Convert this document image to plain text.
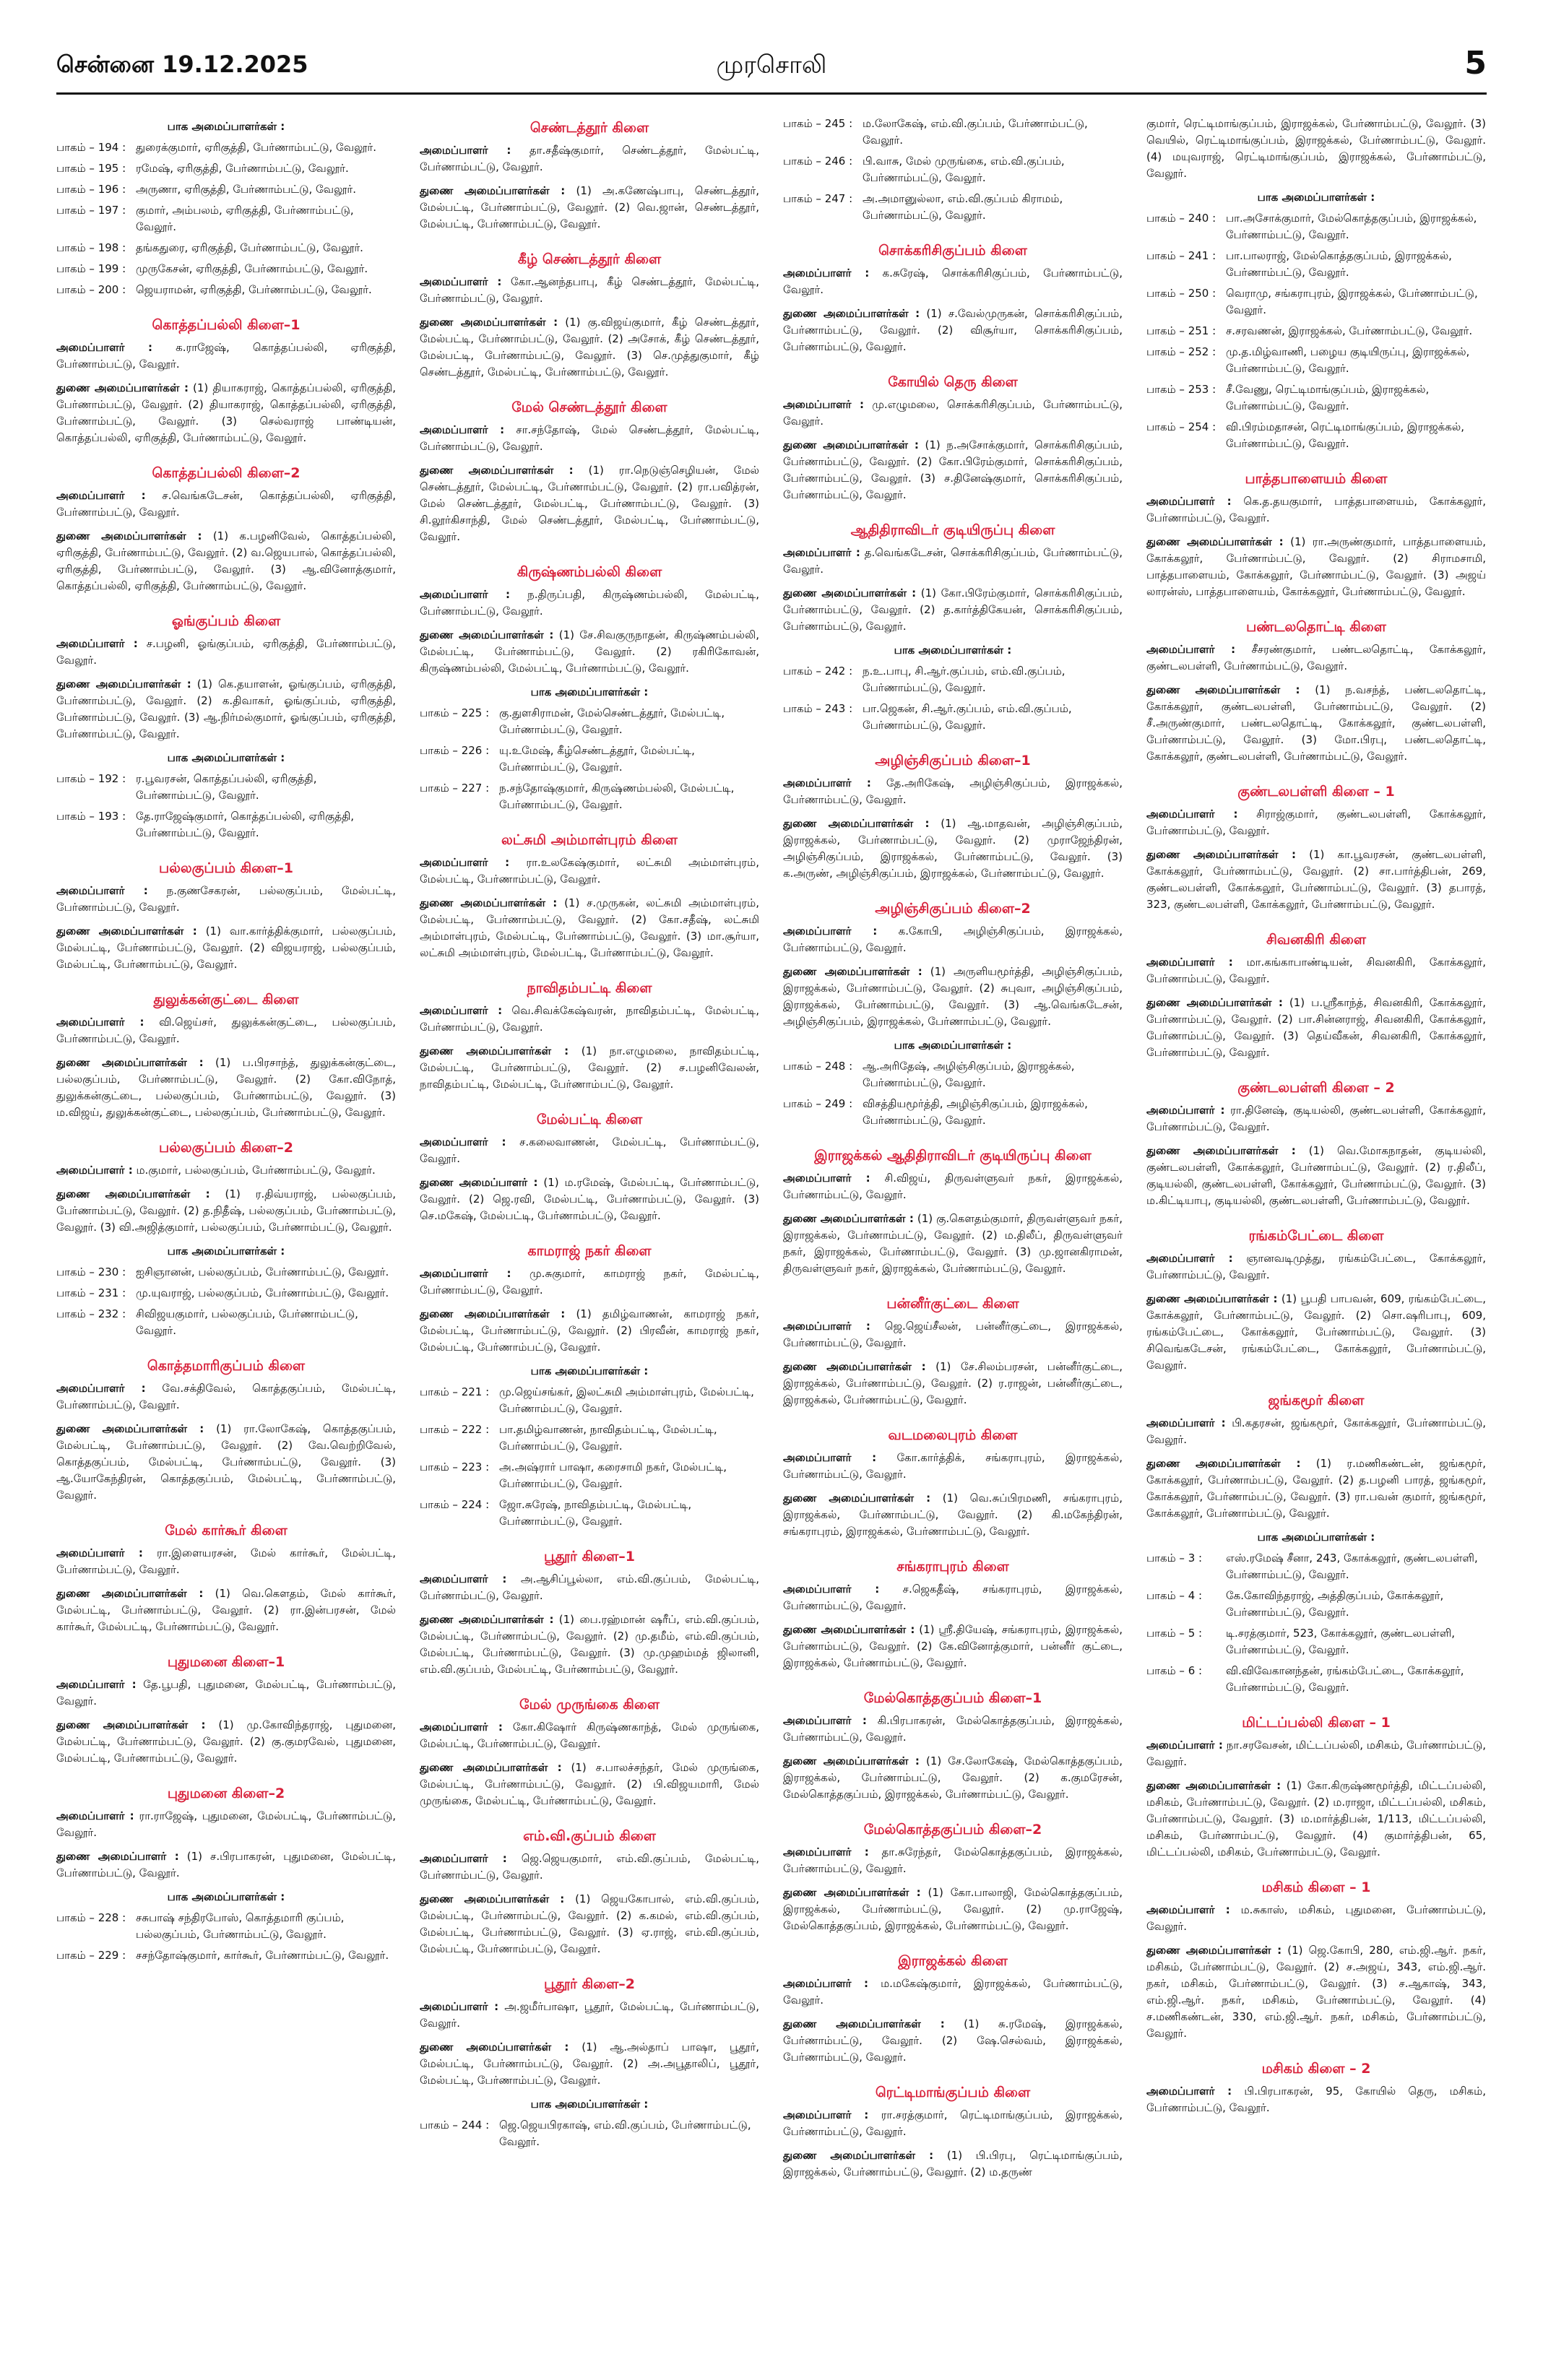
சென்னை 19.12.2025	முரசொலி	5
பாக அமைப்பாளர்கள் :
பாகம் – 194 : துரைக்குமார், ஏரிகுத்தி, பேர்ணாம்பட்டு, வேலூர்.
பாகம் – 195 : ரமேஷ், ஏரிகுத்தி, பேர்ணாம்பட்டு, வேலூர்.
பாகம் – 196 : அருணா, ஏரிகுத்தி, பேர்ணாம்பட்டு, வேலூர்.
பாகம் – 197 : குமார், அம்பலம், ஏரிகுத்தி, பேர்ணாம்பட்டு, வேலூர்.
பாகம் – 198 : தங்கதுரை, ஏரிகுத்தி, பேர்ணாம்பட்டு, வேலூர்.
பாகம் – 199 : முருகேசன், ஏரிகுத்தி, பேர்ணாம்பட்டு, வேலூர்.
பாகம் – 200 : ஜெயராமன், ஏரிகுத்தி, பேர்ணாம்பட்டு, வேலூர்.
கொத்தப்பல்லி கிளை–1
அமைப்பாளர் : க.ராஜேஷ், கொத்தப்பல்லி, ஏரிகுத்தி, பேர்ணாம்பட்டு, வேலூர்.
துணை அமைப்பாளர்கள் : (1) தியாகராஜ், கொத்தப்பல்லி, ஏரிகுத்தி, பேர்ணாம்பட்டு, வேலூர். (2) தியாகராஜ், கொத்தப்பல்லி, ஏரிகுத்தி, பேர்ணாம்பட்டு, வேலூர். (3) செல்வராஜ் பாண்டியன், கொத்தப்பல்லி, ஏரிகுத்தி, பேர்ணாம்பட்டு, வேலூர்.
கொத்தப்பல்லி கிளை–2
அமைப்பாளர் : ச.வெங்கடேசன், கொத்தப்பல்லி, ஏரிகுத்தி, பேர்ணாம்பட்டு, வேலூர்.
துணை அமைப்பாளர்கள் : (1) க.பழனிவேல், கொத்தப்பல்லி, ஏரிகுத்தி, பேர்ணாம்பட்டு, வேலூர். (2) வ.ஜெயபால், கொத்தப்பல்லி, ஏரிகுத்தி, பேர்ணாம்பட்டு, வேலூர். (3) ஆ.வினோத்குமார், கொத்தப்பல்லி, ஏரிகுத்தி, பேர்ணாம்பட்டு, வேலூர்.
ஓங்குப்பம் கிளை
அமைப்பாளர் : ச.பழனி, ஓங்குப்பம், ஏரிகுத்தி, பேர்ணாம்பட்டு, வேலூர்.
துணை அமைப்பாளர்கள் : (1) கெ.தயாளன், ஓங்குப்பம், ஏரிகுத்தி, பேர்ணாம்பட்டு, வேலூர். (2) க.திவாகர், ஓங்குப்பம், ஏரிகுத்தி, பேர்ணாம்பட்டு, வேலூர். (3) ஆ.நிர்மல்குமார், ஓங்குப்பம், ஏரிகுத்தி, பேர்ணாம்பட்டு, வேலூர்.
பாக அமைப்பாளர்கள் :
பாகம் – 192 : ர.பூவரசன், கொத்தப்பல்லி, ஏரிகுத்தி, பேர்ணாம்பட்டு, வேலூர்.
பாகம் – 193 : தே.ராஜேஷ்குமார், கொத்தப்பல்லி, ஏரிகுத்தி, பேர்ணாம்பட்டு, வேலூர்.
பல்லகுப்பம் கிளை–1
அமைப்பாளர் : ந.குணசேகரன், பல்லகுப்பம், மேல்பட்டி, பேர்ணாம்பட்டு, வேலூர்.
துணை அமைப்பாளர்கள் : (1) வா.கார்த்திக்குமார், பல்லகுப்பம், மேல்பட்டி, பேர்ணாம்பட்டு, வேலூர். (2) விஜயராஜ், பல்லகுப்பம், மேல்பட்டி, பேர்ணாம்பட்டு, வேலூர்.
துலுக்கன்குட்டை கிளை
அமைப்பாளர் : வி.ஜெய்சர், துலுக்கன்குட்டை, பல்லகுப்பம், பேர்ணாம்பட்டு, வேலூர்.
துணை அமைப்பாளர்கள் : (1) ப.பிரசாந்த், துலுக்கன்குட்டை, பல்லகுப்பம், பேர்ணாம்பட்டு, வேலூர். (2) கோ.விநோத், துலுக்கன்குட்டை, பல்லகுப்பம், பேர்ணாம்பட்டு, வேலூர். (3) ம.விஜய், துலுக்கன்குட்டை, பல்லகுப்பம், பேர்ணாம்பட்டு, வேலூர்.
பல்லகுப்பம் கிளை–2
அமைப்பாளர் : ம.குமார், பல்லகுப்பம், பேர்ணாம்பட்டு, வேலூர்.
துணை அமைப்பாளர்கள் : (1) ர.திவ்யராஜ், பல்லகுப்பம், பேர்ணாம்பட்டு, வேலூர். (2) த.நிதீஷ், பல்லகுப்பம், பேர்ணாம்பட்டு, வேலூர். (3) வி.அஜித்குமார், பல்லகுப்பம், பேர்ணாம்பட்டு, வேலூர்.
பாக அமைப்பாளர்கள் :
பாகம் – 230 : ஐசிஞானன், பல்லகுப்பம், பேர்ணாம்பட்டு, வேலூர்.
பாகம் – 231 : மு.யுவராஜ், பல்லகுப்பம், பேர்ணாம்பட்டு, வேலூர்.
பாகம் – 232 : சிவிஜயகுமார், பல்லகுப்பம், பேர்ணாம்பட்டு, வேலூர்.
கொத்தமாரிகுப்பம் கிளை
அமைப்பாளர் : வே.சக்திவேல், கொத்தகுப்பம், மேல்பட்டி, பேர்ணாம்பட்டு, வேலூர்.
துணை அமைப்பாளர்கள் : (1) ரா.லோகேஷ், கொத்தகுப்பம், மேல்பட்டி, பேர்ணாம்பட்டு, வேலூர். (2) வே.வெற்றிவேல், கொத்தகுப்பம், மேல்பட்டி, பேர்ணாம்பட்டு, வேலூர். (3) ஆ.யோகேந்திரன், கொத்தகுப்பம், மேல்பட்டி, பேர்ணாம்பட்டு, வேலூர்.
மேல் கார்கூர் கிளை
அமைப்பாளர் : ரா.இளையரசன், மேல் கார்கூர், மேல்பட்டி, பேர்ணாம்பட்டு, வேலூர்.
துணை அமைப்பாளர்கள் : (1) வெ.கௌதம், மேல் கார்கூர், மேல்பட்டி, பேர்ணாம்பட்டு, வேலூர். (2) ரா.இன்பரசன், மேல் கார்கூர், மேல்பட்டி, பேர்ணாம்பட்டு, வேலூர்.
புதுமனை கிளை–1
அமைப்பாளர் : தே.பூபதி, புதுமனை, மேல்பட்டி, பேர்ணாம்பட்டு, வேலூர்.
துணை அமைப்பாளர்கள் : (1) மு.கோவிந்தராஜ், புதுமனை, மேல்பட்டி, பேர்ணாம்பட்டு, வேலூர். (2) கு.குமரவேல், புதுமனை, மேல்பட்டி, பேர்ணாம்பட்டு, வேலூர்.
புதுமனை கிளை–2
அமைப்பாளர் : ரா.ராஜேஷ், புதுமனை, மேல்பட்டி, பேர்ணாம்பட்டு, வேலூர்.
துணை அமைப்பாளர் : (1) ச.பிரபாகரன், புதுமனை, மேல்பட்டி, பேர்ணாம்பட்டு, வேலூர்.
பாக அமைப்பாளர்கள் :
பாகம் – 228 : சசுபாஷ் சந்திரபோஸ், கொத்தமாரி குப்பம், பல்லகுப்பம், பேர்ணாம்பட்டு, வேலூர்.
பாகம் – 229 : சசந்தோஷ்குமார், கார்கூர், பேர்ணாம்பட்டு, வேலூர்.
செண்டத்தூர் கிளை
அமைப்பாளர் : தா.சதீஷ்குமார், செண்டத்தூர், மேல்பட்டி, பேர்ணாம்பட்டு, வேலூர்.
துணை அமைப்பாளர்கள் : (1) அ.கணேஷ்பாபு, செண்டத்தூர், மேல்பட்டி, பேர்ணாம்பட்டு, வேலூர். (2) வெ.ஜான், செண்டத்தூர், மேல்பட்டி, பேர்ணாம்பட்டு, வேலூர்.
கீழ் செண்டத்தூர் கிளை
அமைப்பாளர் : கோ.ஆனந்தபாபு, கீழ் செண்டத்தூர், மேல்பட்டி, பேர்ணாம்பட்டு, வேலூர்.
துணை அமைப்பாளர்கள் : (1) கு.விஜய்குமார், கீழ் செண்டத்தூர், மேல்பட்டி, பேர்ணாம்பட்டு, வேலூர். (2) அசோக், கீழ் செண்டத்தூர், மேல்பட்டி, பேர்ணாம்பட்டு, வேலூர். (3) செ.முத்துகுமார், கீழ் செண்டத்தூர், மேல்பட்டி, பேர்ணாம்பட்டு, வேலூர்.
மேல் செண்டத்தூர் கிளை
அமைப்பாளர் : சா.சந்தோஷ், மேல் செண்டத்தூர், மேல்பட்டி, பேர்ணாம்பட்டு, வேலூர்.
துணை அமைப்பாளர்கள் : (1) ரா.நெடுஞ்செழியன், மேல் செண்டத்தூர், மேல்பட்டி, பேர்ணாம்பட்டு, வேலூர். (2) ரா.பவித்ரன், மேல் செண்டத்தூர், மேல்பட்டி, பேர்ணாம்பட்டு, வேலூர். (3) சி.லூர்கிசாந்தி, மேல் செண்டத்தூர், மேல்பட்டி, பேர்ணாம்பட்டு, வேலூர்.
கிருஷ்ணம்பல்லி கிளை
அமைப்பாளர் : ந.திருப்பதி, கிருஷ்ணம்பல்லி, மேல்பட்டி, பேர்ணாம்பட்டு, வேலூர்.
துணை அமைப்பாளர்கள் : (1) சே.சிவகுருநாதன், கிருஷ்ணம்பல்லி, மேல்பட்டி, பேர்ணாம்பட்டு, வேலூர். (2) ரகிரிகோவன், கிருஷ்ணம்பல்லி, மேல்பட்டி, பேர்ணாம்பட்டு, வேலூர்.
பாக அமைப்பாளர்கள் :
பாகம் – 225 : கு.துளசிராமன், மேல்செண்டத்தூர், மேல்பட்டி, பேர்ணாம்பட்டு, வேலூர்.
பாகம் – 226 : யு.உமேஷ், கீழ்செண்டத்தூர், மேல்பட்டி, பேர்ணாம்பட்டு, வேலூர்.
பாகம் – 227 : ந.சந்தோஷ்குமார், கிருஷ்ணம்பல்லி, மேல்பட்டி, பேர்ணாம்பட்டு, வேலூர்.
லட்சுமி அம்மாள்புரம் கிளை
அமைப்பாளர் : ரா.உலகேஷ்குமார், லட்சுமி அம்மாள்புரம், மேல்பட்டி, பேர்ணாம்பட்டு, வேலூர்.
துணை அமைப்பாளர்கள் : (1) ச.முருகன், லட்சுமி அம்மாள்புரம், மேல்பட்டி, பேர்ணாம்பட்டு, வேலூர். (2) கோ.சதீஷ், லட்சுமி அம்மாள்புரம், மேல்பட்டி, பேர்ணாம்பட்டு, வேலூர். (3) மா.சூர்யா, லட்சுமி அம்மாள்புரம், மேல்பட்டி, பேர்ணாம்பட்டு, வேலூர்.
நாவிதம்பட்டி கிளை
அமைப்பாளர் : வெ.சிவக்கேஷ்வரன், நாவிதம்பட்டி, மேல்பட்டி, பேர்ணாம்பட்டு, வேலூர்.
துணை அமைப்பாளர்கள் : (1) நா.எழுமலை, நாவிதம்பட்டி, மேல்பட்டி, பேர்ணாம்பட்டு, வேலூர். (2) ச.பழனிவேலன், நாவிதம்பட்டி, மேல்பட்டி, பேர்ணாம்பட்டு, வேலூர்.
மேல்பட்டி கிளை
அமைப்பாளர் : ச.கலைவாணன், மேல்பட்டி, பேர்ணாம்பட்டு, வேலூர்.
துணை அமைப்பாளர் : (1) ம.ரமேஷ், மேல்பட்டி, பேர்ணாம்பட்டு, வேலூர். (2) ஜெ.ரவி, மேல்பட்டி, பேர்ணாம்பட்டு, வேலூர். (3) செ.மகேஷ், மேல்பட்டி, பேர்ணாம்பட்டு, வேலூர்.
காமராஜ் நகர் கிளை
அமைப்பாளர் : மு.சுகுமார், காமராஜ் நகர், மேல்பட்டி, பேர்ணாம்பட்டு, வேலூர்.
துணை அமைப்பாளர்கள் : (1) தமிழ்வாணன், காமராஜ் நகர், மேல்பட்டி, பேர்ணாம்பட்டு, வேலூர். (2) பிரவீன், காமராஜ் நகர், மேல்பட்டி, பேர்ணாம்பட்டு, வேலூர்.
பாக அமைப்பாளர்கள் :
பாகம் – 221 : மு.ஜெய்சங்கர், இலட்சுமி அம்மாள்புரம், மேல்பட்டி, பேர்ணாம்பட்டு, வேலூர்.
பாகம் – 222 : பா.தமிழ்வாணன், நாவிதம்பட்டி, மேல்பட்டி, பேர்ணாம்பட்டு, வேலூர்.
பாகம் – 223 : அ.அஷ்ரார் பாஷா, கரைசாமி நகர், மேல்பட்டி, பேர்ணாம்பட்டு, வேலூர்.
பாகம் – 224 : ஜோ.சுரேஷ், நாவிதம்பட்டி, மேல்பட்டி, பேர்ணாம்பட்டு, வேலூர்.
பூதூர் கிளை–1
அமைப்பாளர் : அ.ஆசிப்பூல்லா, எம்.வி.குப்பம், மேல்பட்டி, பேர்ணாம்பட்டு, வேலூர்.
துணை அமைப்பாளர்கள் : (1) பை.ரஹ்மான் ஷரீப், எம்.வி.குப்பம், மேல்பட்டி, பேர்ணாம்பட்டு, வேலூர். (2) மு.தமீம், எம்.வி.குப்பம், மேல்பட்டி, பேர்ணாம்பட்டு, வேலூர். (3) மு.முஹம்மத் ஜிலானி, எம்.வி.குப்பம், மேல்பட்டி, பேர்ணாம்பட்டு, வேலூர்.
மேல் முருங்கை கிளை
அமைப்பாளர் : கோ.கிஷோர் கிருஷ்ணகாந்த், மேல் முருங்கை, மேல்பட்டி, பேர்ணாம்பட்டு, வேலூர்.
துணை அமைப்பாளர்கள் : (1) ச.பாலச்சந்தர், மேல் முருங்கை, மேல்பட்டி, பேர்ணாம்பட்டு, வேலூர். (2) பி.விஜயமாரி, மேல் முருங்கை, மேல்பட்டி, பேர்ணாம்பட்டு, வேலூர்.
எம்.வி.குப்பம் கிளை
அமைப்பாளர் : ஜெ.ஜெயகுமார், எம்.வி.குப்பம், மேல்பட்டி, பேர்ணாம்பட்டு, வேலூர்.
துணை அமைப்பாளர்கள் : (1) ஜெயகோபால், எம்.வி.குப்பம், மேல்பட்டி, பேர்ணாம்பட்டு, வேலூர். (2) க.கமல், எம்.வி.குப்பம், மேல்பட்டி, பேர்ணாம்பட்டு, வேலூர். (3) ஏ.ராஜ், எம்.வி.குப்பம், மேல்பட்டி, பேர்ணாம்பட்டு, வேலூர்.
பூதூர் கிளை–2
அமைப்பாளர் : அ.ஜமீர்பாஷா, பூதூர், மேல்பட்டி, பேர்ணாம்பட்டு, வேலூர்.
துணை அமைப்பாளர்கள் : (1) ஆ.அல்தாப் பாஷா, பூதூர், மேல்பட்டி, பேர்ணாம்பட்டு, வேலூர். (2) அ.அபூதாலிப், பூதூர், மேல்பட்டி, பேர்ணாம்பட்டு, வேலூர்.
பாக அமைப்பாளர்கள் :
பாகம் – 244 : ஜெ.ஜெயபிரகாஷ், எம்.வி.குப்பம், பேர்ணாம்பட்டு, வேலூர்.
பாகம் – 245 : ம.லோகேஷ், எம்.வி.குப்பம், பேர்ணாம்பட்டு, வேலூர்.
பாகம் – 246 : பி.வாசு, மேல் முருங்கை, எம்.வி.குப்பம், பேர்ணாம்பட்டு, வேலூர்.
பாகம் – 247 : அ.அமானுல்லா, எம்.வி.குப்பம் கிராமம், பேர்ணாம்பட்டு, வேலூர்.
சொக்கரிசிகுப்பம் கிளை
அமைப்பாளர் : க.சுரேஷ், சொக்கரிசிகுப்பம், பேர்ணாம்பட்டு, வேலூர்.
துணை அமைப்பாளர்கள் : (1) ச.வேல்முருகன், சொக்கரிசிகுப்பம், பேர்ணாம்பட்டு, வேலூர். (2) விசூர்யா, சொக்கரிசிகுப்பம், பேர்ணாம்பட்டு, வேலூர்.
கோயில் தெரு கிளை
அமைப்பாளர் : மு.எழுமலை, சொக்கரிசிகுப்பம், பேர்ணாம்பட்டு, வேலூர்.
துணை அமைப்பாளர்கள் : (1) ந.அசோக்குமார், சொக்கரிசிகுப்பம், பேர்ணாம்பட்டு, வேலூர். (2) கோ.பிரேம்குமார், சொக்கரிசிகுப்பம், பேர்ணாம்பட்டு, வேலூர். (3) ச.தினேஷ்குமார், சொக்கரிசிகுப்பம், பேர்ணாம்பட்டு, வேலூர்.
ஆதிதிராவிடர் குடியிருப்பு கிளை
அமைப்பாளர் : த.வெங்கடேசன், சொக்கரிசிகுப்பம், பேர்ணாம்பட்டு, வேலூர்.
துணை அமைப்பாளர்கள் : (1) கோ.பிரேம்குமார், சொக்கரிசிகுப்பம், பேர்ணாம்பட்டு, வேலூர். (2) த.கார்த்திகேயன், சொக்கரிசிகுப்பம், பேர்ணாம்பட்டு, வேலூர்.
பாக அமைப்பாளர்கள் :
பாகம் – 242 : ந.உ.பாபு, சி.ஆர்.குப்பம், எம்.வி.குப்பம், பேர்ணாம்பட்டு, வேலூர்.
பாகம் – 243 : பா.ஜெகன், சி.ஆர்.குப்பம், எம்.வி.குப்பம், பேர்ணாம்பட்டு, வேலூர்.
அழிஞ்சிகுப்பம் கிளை–1
அமைப்பாளர் : தே.அரிகேஷ், அழிஞ்சிகுப்பம், இராஜக்கல், பேர்ணாம்பட்டு, வேலூர்.
துணை அமைப்பாளர்கள் : (1) ஆ.மாதவன், அழிஞ்சிகுப்பம், இராஜக்கல், பேர்ணாம்பட்டு, வேலூர். (2) முராஜேந்திரன், அழிஞ்சிகுப்பம், இராஜக்கல், பேர்ணாம்பட்டு, வேலூர். (3) க.அருண், அழிஞ்சிகுப்பம், இராஜக்கல், பேர்ணாம்பட்டு, வேலூர்.
அழிஞ்சிகுப்பம் கிளை–2
அமைப்பாளர் : க.கோபி, அழிஞ்சிகுப்பம், இராஜக்கல், பேர்ணாம்பட்டு, வேலூர்.
துணை அமைப்பாளர்கள் : (1) அருளியமூர்த்தி, அழிஞ்சிகுப்பம், இராஜக்கல், பேர்ணாம்பட்டு, வேலூர். (2) சுபுவா, அழிஞ்சிகுப்பம், இராஜக்கல், பேர்ணாம்பட்டு, வேலூர். (3) ஆ.வெங்கடேசன், அழிஞ்சிகுப்பம், இராஜக்கல், பேர்ணாம்பட்டு, வேலூர்.
பாக அமைப்பாளர்கள் :
பாகம் – 248 : ஆ.அரிதேஷ், அழிஞ்சிகுப்பம், இராஜக்கல், பேர்ணாம்பட்டு, வேலூர்.
பாகம் – 249 : விசத்தியமூர்த்தி, அழிஞ்சிகுப்பம், இராஜக்கல், பேர்ணாம்பட்டு, வேலூர்.
இராஜக்கல் ஆதிதிராவிடர் குடியிருப்பு கிளை
அமைப்பாளர் : சி.விஜய், திருவள்ளுவர் நகர், இராஜக்கல், பேர்ணாம்பட்டு, வேலூர்.
துணை அமைப்பாளர்கள் : (1) கு.கௌதம்குமார், திருவள்ளுவர் நகர், இராஜக்கல், பேர்ணாம்பட்டு, வேலூர். (2) ம.திலீப், திருவள்ளுவர் நகர், இராஜக்கல், பேர்ணாம்பட்டு, வேலூர். (3) மு.ஜானகிராமன், திருவள்ளுவர் நகர், இராஜக்கல், பேர்ணாம்பட்டு, வேலூர்.
பன்னீர்குட்டை கிளை
அமைப்பாளர் : ஜெ.ஜெய்சீலன், பன்னீர்குட்டை, இராஜக்கல், பேர்ணாம்பட்டு, வேலூர்.
துணை அமைப்பாளர்கள் : (1) சே.சிலம்பரசன், பன்னீர்குட்டை, இராஜக்கல், பேர்ணாம்பட்டு, வேலூர். (2) ர.ராஜன், பன்னீர்குட்டை, இராஜக்கல், பேர்ணாம்பட்டு, வேலூர்.
வடமலைபுரம் கிளை
அமைப்பாளர் : கோ.கார்த்திக், சங்கராபுரம், இராஜக்கல், பேர்ணாம்பட்டு, வேலூர்.
துணை அமைப்பாளர்கள் : (1) வெ.சுப்பிரமணி, சங்கராபுரம், இராஜக்கல், பேர்ணாம்பட்டு, வேலூர். (2) கி.மகேந்திரன், சங்கராபுரம், இராஜக்கல், பேர்ணாம்பட்டு, வேலூர்.
சங்கராபுரம் கிளை
அமைப்பாளர் : ச.ஜெகதீஷ், சங்கராபுரம், இராஜக்கல், பேர்ணாம்பட்டு, வேலூர்.
துணை அமைப்பாளர்கள் : (1) ஸ்ரீ.தியேஷ், சங்கராபுரம், இராஜக்கல், பேர்ணாம்பட்டு, வேலூர். (2) கே.வினோத்குமார், பன்னீர் குட்டை, இராஜக்கல், பேர்ணாம்பட்டு, வேலூர்.
மேல்கொத்தகுப்பம் கிளை–1
அமைப்பாளர் : கி.பிரபாகரன், மேல்கொத்தகுப்பம், இராஜக்கல், பேர்ணாம்பட்டு, வேலூர்.
துணை அமைப்பாளர்கள் : (1) சே.லோகேஷ், மேல்கொத்தகுப்பம், இராஜக்கல், பேர்ணாம்பட்டு, வேலூர். (2) க.குமரேசன், மேல்கொத்தகுப்பம், இராஜக்கல், பேர்ணாம்பட்டு, வேலூர்.
மேல்கொத்தகுப்பம் கிளை–2
அமைப்பாளர் : தா.சுரேந்தர், மேல்கொத்தகுப்பம், இராஜக்கல், பேர்ணாம்பட்டு, வேலூர்.
துணை அமைப்பாளர்கள் : (1) கோ.பாலாஜி, மேல்கொத்தகுப்பம், இராஜக்கல், பேர்ணாம்பட்டு, வேலூர். (2) மு.ராஜேஷ், மேல்கொத்தகுப்பம், இராஜக்கல், பேர்ணாம்பட்டு, வேலூர்.
இராஜக்கல் கிளை
அமைப்பாளர் : ம.மகேஷ்குமார், இராஜக்கல், பேர்ணாம்பட்டு, வேலூர்.
துணை அமைப்பாளர்கள் : (1) சு.ரமேஷ், இராஜக்கல், பேர்ணாம்பட்டு, வேலூர். (2) ஷே.செல்வம், இராஜக்கல், பேர்ணாம்பட்டு, வேலூர்.
ரெட்டிமாங்குப்பம் கிளை
அமைப்பாளர் : ரா.சரத்குமார், ரெட்டிமாங்குப்பம், இராஜக்கல், பேர்ணாம்பட்டு, வேலூர்.
துணை அமைப்பாளர்கள் : (1) பி.பிரபு, ரெட்டிமாங்குப்பம், இராஜக்கல், பேர்ணாம்பட்டு, வேலூர். (2) ம.தருண்
குமார், ரெட்டிமாங்குப்பம், இராஜக்கல், பேர்ணாம்பட்டு, வேலூர். (3) வெயில், ரெட்டிமாங்குப்பம், இராஜக்கல், பேர்ணாம்பட்டு, வேலூர். (4) மயுவராஜ், ரெட்டிமாங்குப்பம், இராஜக்கல், பேர்ணாம்பட்டு, வேலூர்.
பாக அமைப்பாளர்கள் :
பாகம் – 240 : பா.அசோக்குமார், மேல்கொத்தகுப்பம், இராஜக்கல், பேர்ணாம்பட்டு, வேலூர்.
பாகம் – 241 : பா.பாலராஜ், மேல்கொத்தகுப்பம், இராஜக்கல், பேர்ணாம்பட்டு, வேலூர்.
பாகம் – 250 : வெராமு, சங்கராபுரம், இராஜக்கல், பேர்ணாம்பட்டு, வேலூர்.
பாகம் – 251 : ச.சரவணன், இராஜக்கல், பேர்ணாம்பட்டு, வேலூர்.
பாகம் – 252 : மு.த.மிழ்வாணி, பழைய குடியிருப்பு, இராஜக்கல், பேர்ணாம்பட்டு, வேலூர்.
பாகம் – 253 : சீ.வேணு, ரெட்டிமாங்குப்பம், இராஜக்கல், பேர்ணாம்பட்டு, வேலூர்.
பாகம் – 254 : வி.பிரம்மதாசன், ரெட்டிமாங்குப்பம், இராஜக்கல், பேர்ணாம்பட்டு, வேலூர்.
பாத்தபாளையம் கிளை
அமைப்பாளர் : கெ.த.தயகுமார், பாத்தபாளையம், கோக்கலூர், பேர்ணாம்பட்டு, வேலூர்.
துணை அமைப்பாளர்கள் : (1) ரா.அருண்குமார், பாத்தபாளையம், கோக்கலூர், பேர்ணாம்பட்டு, வேலூர். (2) சிராமசாமி, பாத்தபாளையம், கோக்கலூர், பேர்ணாம்பட்டு, வேலூர். (3) அஜய் லாரன்ஸ், பாத்தபாளையம், கோக்கலூர், பேர்ணாம்பட்டு, வேலூர்.
பண்டலதொட்டி கிளை
அமைப்பாளர் : சீசரண்குமார், பண்டலதொட்டி, கோக்கலூர், குண்டலபள்ளி, பேர்ணாம்பட்டு, வேலூர்.
துணை அமைப்பாளர்கள் : (1) ந.வசந்த், பண்டலதொட்டி, கோக்கலூர், குண்டலபள்ளி, பேர்ணாம்பட்டு, வேலூர். (2) சீ.அருண்குமார், பண்டலதொட்டி, கோக்கலூர், குண்டலபள்ளி, பேர்ணாம்பட்டு, வேலூர். (3) மோ.பிரபு, பண்டலதொட்டி, கோக்கலூர், குண்டலபள்ளி, பேர்ணாம்பட்டு, வேலூர்.
குண்டலபள்ளி கிளை – 1
அமைப்பாளர் : சிராஜ்குமார், குண்டலபள்ளி, கோக்கலூர், பேர்ணாம்பட்டு, வேலூர்.
துணை அமைப்பாளர்கள் : (1) கா.பூவரசன், குண்டலபள்ளி, கோக்கலூர், பேர்ணாம்பட்டு, வேலூர். (2) சா.பார்த்திபன், 269, குண்டலபள்ளி, கோக்கலூர், பேர்ணாம்பட்டு, வேலூர். (3) தபாரத், 323, குண்டலபள்ளி, கோக்கலூர், பேர்ணாம்பட்டு, வேலூர்.
சிவனகிரி கிளை
அமைப்பாளர் : மா.கங்காபாண்டியன், சிவனகிரி, கோக்கலூர், பேர்ணாம்பட்டு, வேலூர்.
துணை அமைப்பாளர்கள் : (1) ப.ஸ்ரீகாந்த், சிவனகிரி, கோக்கலூர், பேர்ணாம்பட்டு, வேலூர். (2) பா.சின்னராஜ், சிவனகிரி, கோக்கலூர், பேர்ணாம்பட்டு, வேலூர். (3) தெய்வீகன், சிவனகிரி, கோக்கலூர், பேர்ணாம்பட்டு, வேலூர்.
குண்டலபள்ளி கிளை – 2
அமைப்பாளர் : ரா.தினேஷ், குடியல்லி, குண்டலபள்ளி, கோக்கலூர், பேர்ணாம்பட்டு, வேலூர்.
துணை அமைப்பாளர்கள் : (1) வெ.மோகநாதன், குடியல்லி, குண்டலபள்ளி, கோக்கலூர், பேர்ணாம்பட்டு, வேலூர். (2) ர.திலீப், குடியல்லி, குண்டலபள்ளி, கோக்கலூர், பேர்ணாம்பட்டு, வேலூர். (3) ம.கிட்டியாபு, குடியல்லி, குண்டலபள்ளி, பேர்ணாம்பட்டு, வேலூர்.
ரங்கம்பேட்டை கிளை
அமைப்பாளர் : ஞானவடிமுத்து, ரங்கம்பேட்டை, கோக்கலூர், பேர்ணாம்பட்டு, வேலூர்.
துணை அமைப்பாளர்கள் : (1) பூபதி பாபவன், 609, ரங்கம்பேட்டை, கோக்கலூர், பேர்ணாம்பட்டு, வேலூர். (2) சொ.ஷரிபாபு, 609, ரங்கம்பேட்டை, கோக்கலூர், பேர்ணாம்பட்டு, வேலூர். (3) சிவெங்கடேசன், ரங்கம்பேட்டை, கோக்கலூர், பேர்ணாம்பட்டு, வேலூர்.
ஜங்கமூர் கிளை
அமைப்பாளர் : பி.கதரசன், ஜங்கமூர், கோக்கலூர், பேர்ணாம்பட்டு, வேலூர்.
துணை அமைப்பாளர்கள் : (1) ர.மணிகண்டன், ஜங்கமூர், கோக்கலூர், பேர்ணாம்பட்டு, வேலூர். (2) த.பழனி பாரத், ஜங்கமூர், கோக்கலூர், பேர்ணாம்பட்டு, வேலூர். (3) ரா.பவன் குமார், ஜங்கமூர், கோக்கலூர், பேர்ணாம்பட்டு, வேலூர்.
பாக அமைப்பாளர்கள் :
பாகம் – 3 :	எஸ்.ரமேஷ் சீனா, 243, கோக்கலூர், குண்டலபள்ளி, பேர்ணாம்பட்டு, வேலூர்.
பாகம் – 4 :	கே.கோவிந்தராஜ், அத்திகுப்பம், கோக்கலூர், பேர்ணாம்பட்டு, வேலூர்.
பாகம் – 5 :	டி.சரத்குமார், 523, கோக்கலூர், குண்டலபள்ளி, பேர்ணாம்பட்டு, வேலூர்.
பாகம் – 6 :	வி.விவேகானந்தன், ரங்கம்பேட்டை, கோக்கலூர், பேர்ணாம்பட்டு, வேலூர்.
மிட்டப்பல்லி கிளை – 1
அமைப்பாளர் : நா.சரவேசன், மிட்டப்பல்லி, மசிகம், பேர்ணாம்பட்டு, வேலூர்.
துணை அமைப்பாளர்கள் : (1) கோ.கிருஷ்ணமூர்த்தி, மிட்டப்பல்லி, மசிகம், பேர்ணாம்பட்டு, வேலூர். (2) ம.ராஜா, மிட்டப்பல்லி, மசிகம், பேர்ணாம்பட்டு, வேலூர். (3) ம.மார்த்திபன், 1/113, மிட்டப்பல்லி, மசிகம், பேர்ணாம்பட்டு, வேலூர். (4) குமார்த்திபன், 65, மிட்டப்பல்லி, மசிகம், பேர்ணாம்பட்டு, வேலூர்.
மசிகம் கிளை – 1
அமைப்பாளர் : ம.சுகாஸ், மசிகம், புதுமனை, பேர்ணாம்பட்டு, வேலூர்.
துணை அமைப்பாளர்கள் : (1) ஜெ.கோபி, 280, எம்.ஜி.ஆர். நகர், மசிகம், பேர்ணாம்பட்டு, வேலூர். (2) ச.அஜய், 343, எம்.ஜி.ஆர். நகர், மசிகம், பேர்ணாம்பட்டு, வேலூர். (3) ச.ஆகாஷ், 343, எம்.ஜி.ஆர். நகர், மசிகம், பேர்ணாம்பட்டு, வேலூர். (4) ச.மணிகண்டன், 330, எம்.ஜி.ஆர். நகர், மசிகம், பேர்ணாம்பட்டு, வேலூர்.
மசிகம் கிளை – 2
அமைப்பாளர் : பி.பிரபாகரன், 95, கோயில் தெரு, மசிகம், பேர்ணாம்பட்டு, வேலூர்.
